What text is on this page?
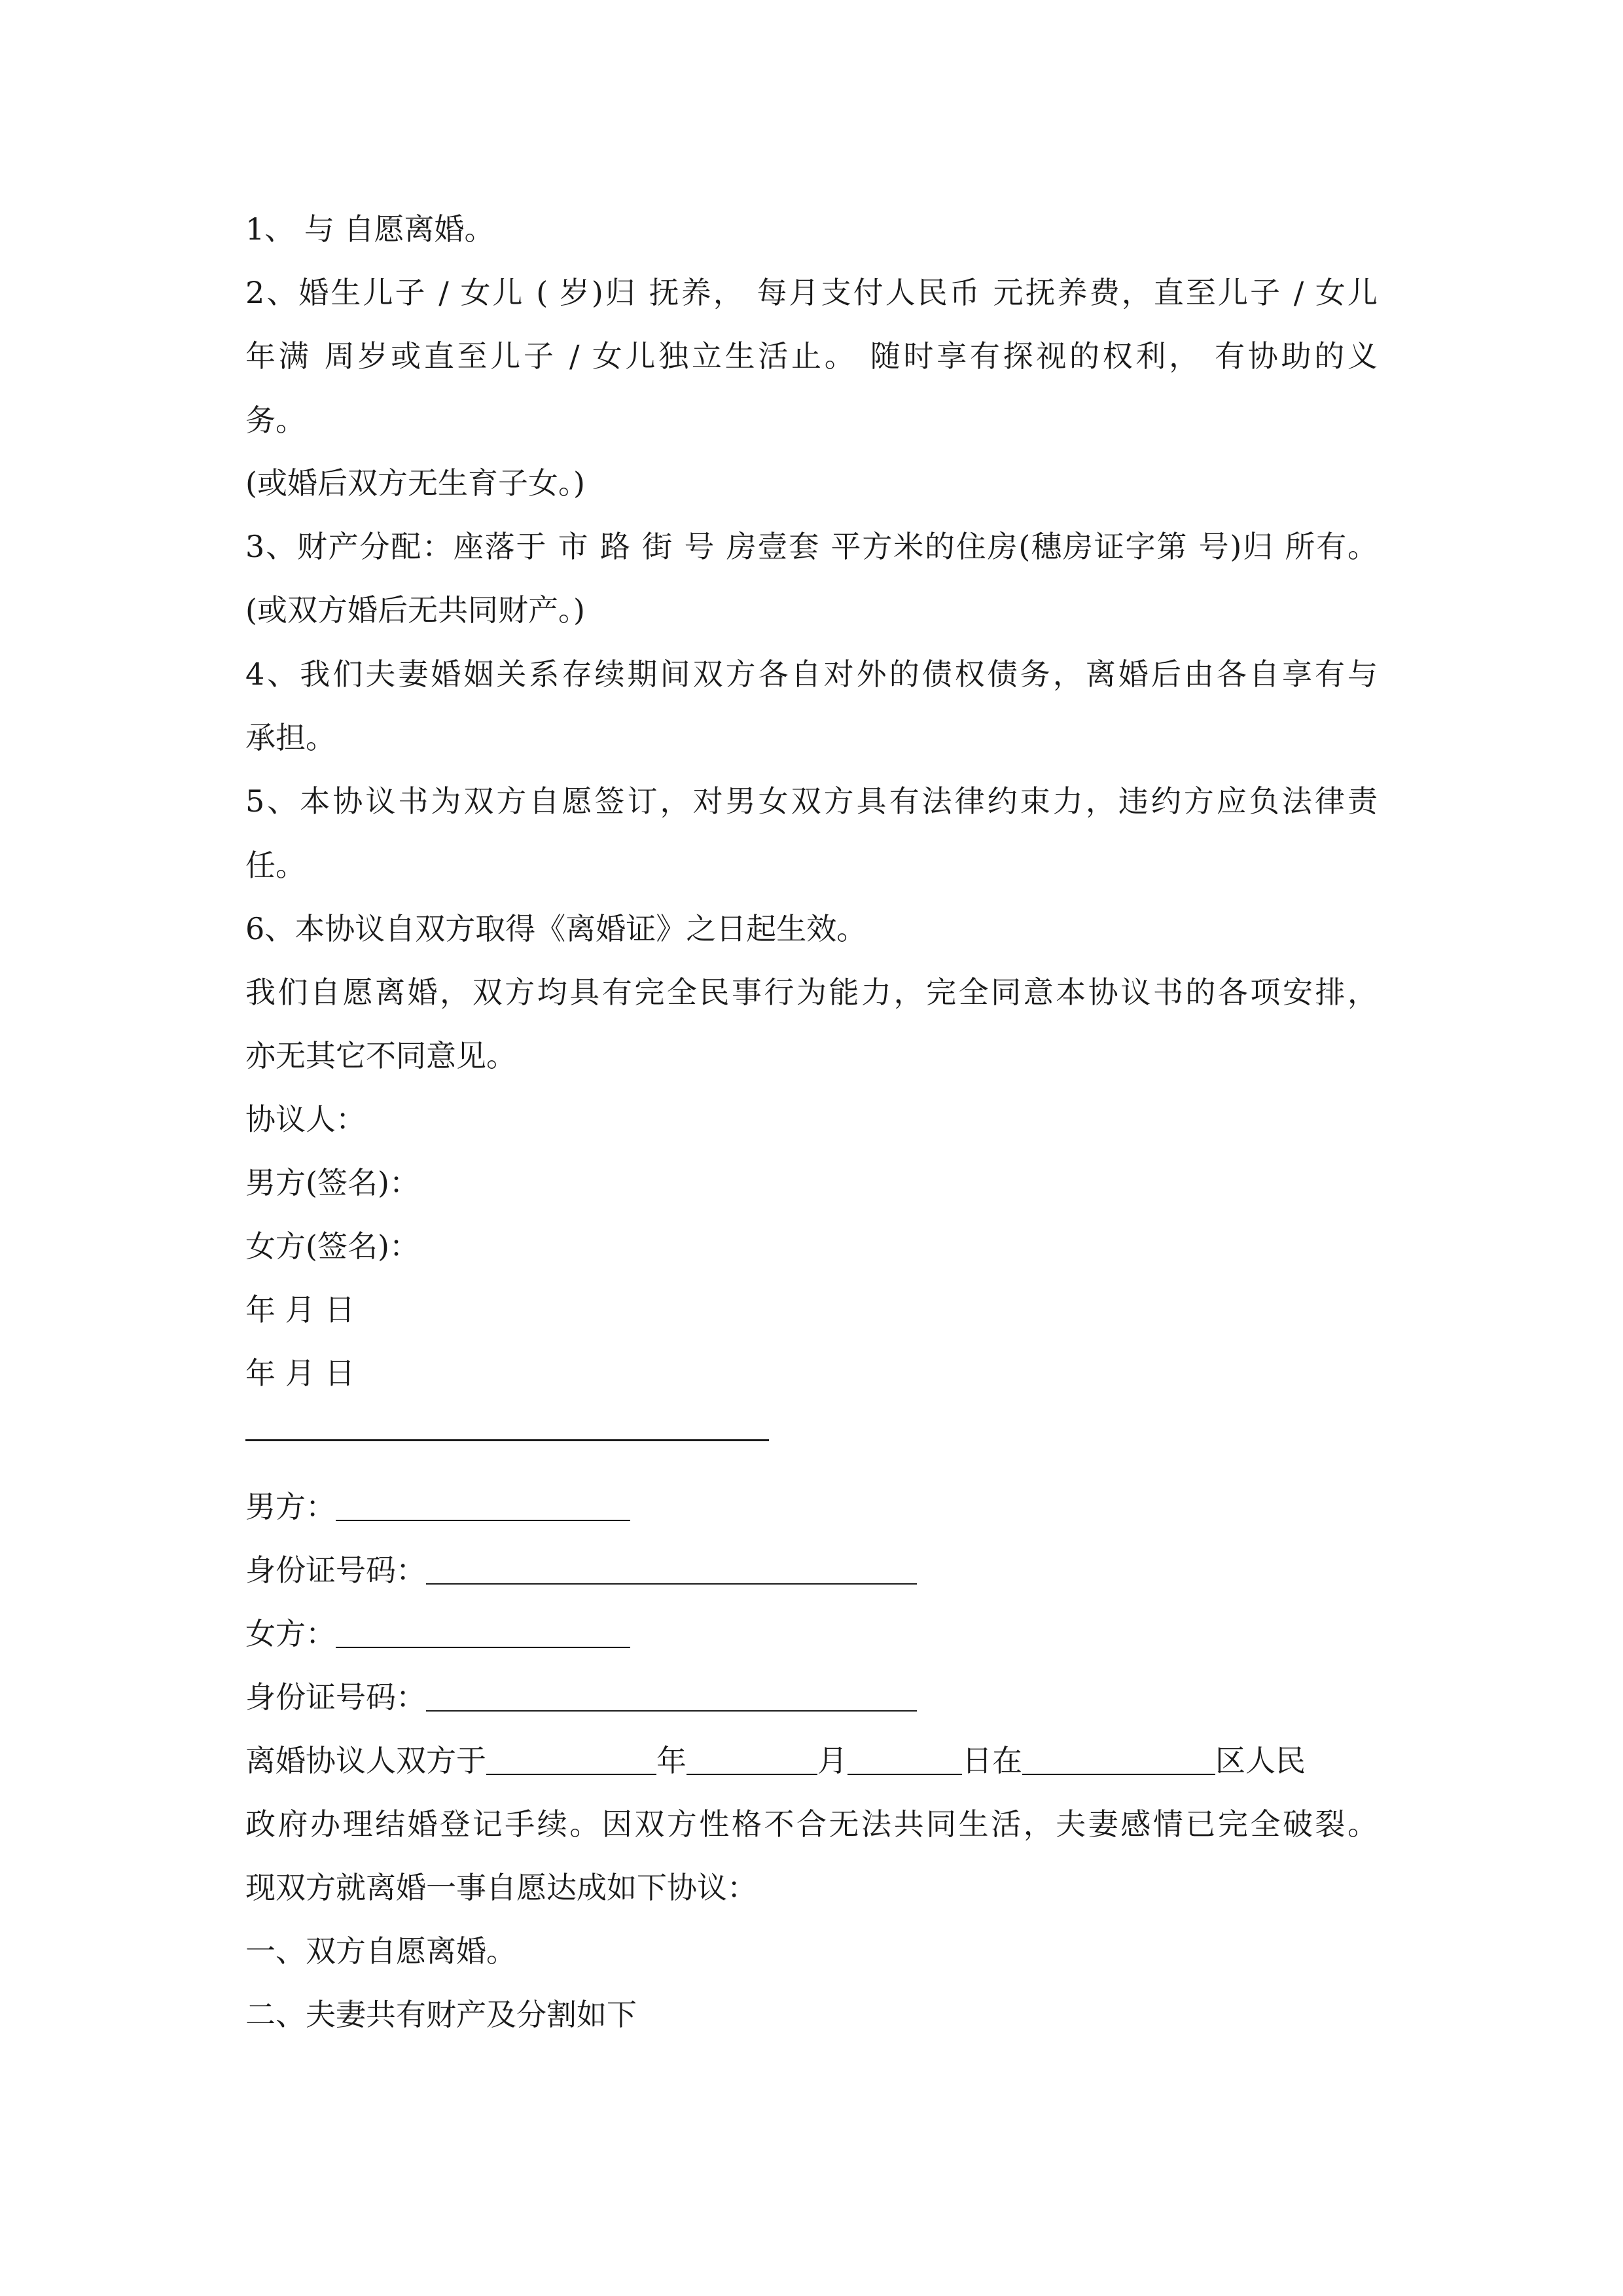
1、 与 自愿离婚。
2、婚生儿子 / 女儿 ( 岁)归 抚养， 每月支付人民币 元抚养费，直至儿子 / 女儿
年满 周岁或直至儿子 / 女儿独立生活止。 随时享有探视的权利， 有协助的义
务。
(或婚后双方无生育子女。)
3、财产分配：座落于 市 路 街 号 房壹套 平方米的住房(穗房证字第 号)归 所有。
(或双方婚后无共同财产。)
4、我们夫妻婚姻关系存续期间双方各自对外的债权债务，离婚后由各自享有与
承担。
5、本协议书为双方自愿签订，对男女双方具有法律约束力，违约方应负法律责
任。
6、本协议自双方取得《离婚证》之日起生效。
我们自愿离婚，双方均具有完全民事行为能力，完全同意本协议书的各项安排，
亦无其它不同意见。
协议人：
男方(签名)：
女方(签名)：
年 月 日
年 月 日
男方：
身份证号码：
女方：
身份证号码：
离婚协议人双方于	年	月	日在	区人民
政府办理结婚登记手续。因双方性格不合无法共同生活，夫妻感情已完全破裂。
现双方就离婚一事自愿达成如下协议：
一、双方自愿离婚。
二、夫妻共有财产及分割如下
